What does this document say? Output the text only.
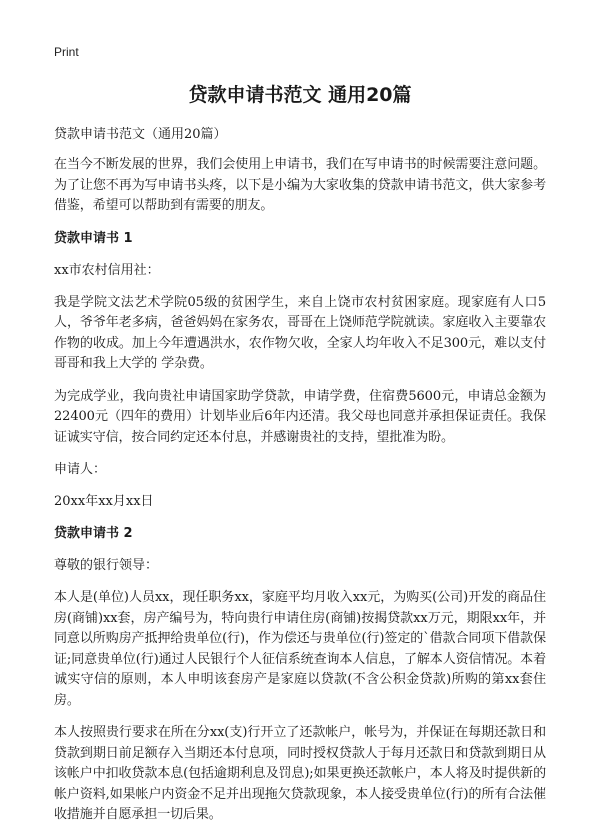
Print
贷款申请书范文 通用20篇
贷款申请书范文（通用20篇）
在当今不断发展的世界，我们会使用上申请书，我们在写申请书的时候需要注意问题。为了让您不再为写申请书头疼，以下是小编为大家收集的贷款申请书范文，供大家参考借鉴，希望可以帮助到有需要的朋友。
贷款申请书 1
xx市农村信用社：
我是学院文法艺术学院05级的贫困学生，来自上饶市农村贫困家庭。现家庭有人口5人，爷爷年老多病，爸爸妈妈在家务农，哥哥在上饶师范学院就读。家庭收入主要靠农作物的收成。加上今年遭遇洪水，农作物欠收，全家人均年收入不足300元，难以支付哥哥和我上大学的 学杂费。
为完成学业，我向贵社申请国家助学贷款，申请学费，住宿费5600元，申请总金额为22400元（四年的费用）计划毕业后6年内还清。我父母也同意并承担保证责任。我保证诚实守信，按合同约定还本付息，并感谢贵社的支持，望批准为盼。
申请人：
20xx年xx月xx日
贷款申请书 2
尊敬的银行领导：
本人是(单位)人员xx，现任职务xx，家庭平均月收入xx元，为购买(公司)开发的商品住房(商铺)xx套，房产编号为，特向贵行申请住房(商铺)按揭贷款xx万元，期限xx年，并同意以所购房产抵押给贵单位(行)，作为偿还与贵单位(行)签定的`借款合同项下借款保证;同意贵单位(行)通过人民银行个人征信系统查询本人信息，了解本人资信情况。本着诚实守信的原则，本人申明该套房产是家庭以贷款(不含公积金贷款)所购的第xx套住房。
本人按照贵行要求在所在分xx(支)行开立了还款帐户，帐号为，并保证在每期还款日和贷款到期日前足额存入当期还本付息项，同时授权贷款人于每月还款日和贷款到期日从该帐户中扣收贷款本息(包括逾期利息及罚息);如果更换还款帐户，本人将及时提供新的帐户资料,如果帐户内资金不足并出现拖欠贷款现象，本人接受贵单位(行)的所有合法催收措施并自愿承担一切后果。
